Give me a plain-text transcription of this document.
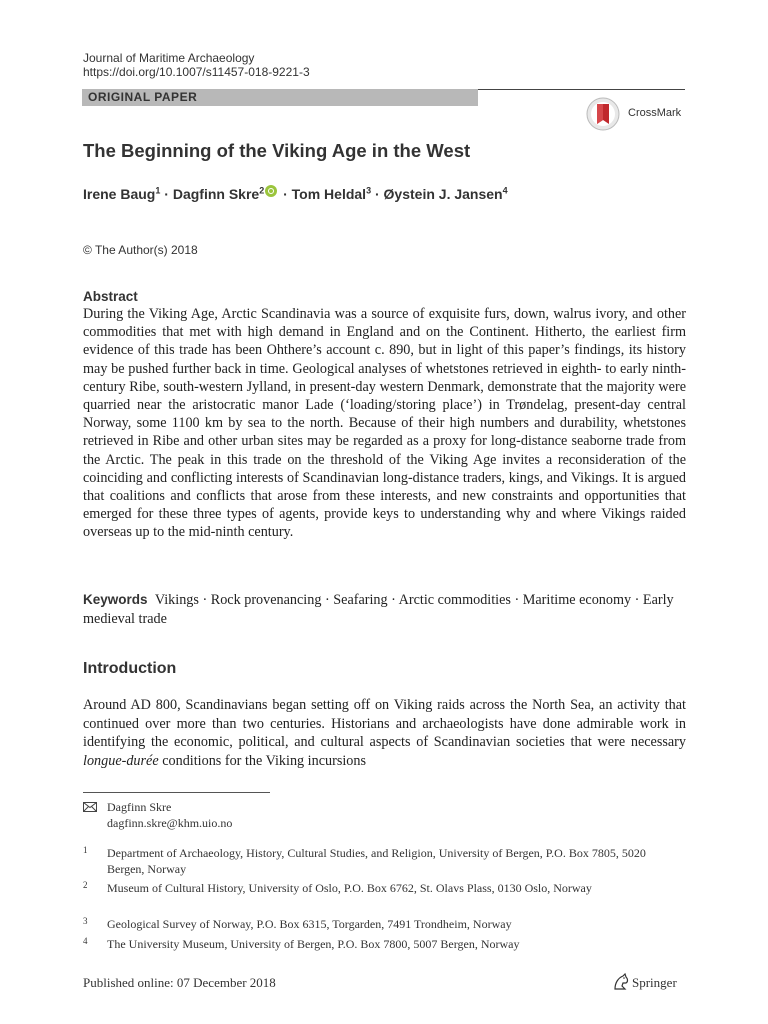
Journal of Maritime Archaeology
https://doi.org/10.1007/s11457-018-9221-3
ORIGINAL PAPER
CrossMark
The Beginning of the Viking Age in the West
Irene Baug$^1$ · Dagfinn Skre$^2$ · Tom Heldal$^3$ · Øystein J. Jansen$^4$
© The Author(s) 2018
Abstract

During the Viking Age, Arctic Scandinavia was a source of exquisite furs, down, walrus ivory, and other commodities that met with high demand in England and on the Continent. Hitherto, the earliest firm evidence of this trade has been Ohthere’s account c. 890, but in light of this paper’s findings, its history may be pushed further back in time. Geological analyses of whetstones retrieved in eighth- to early ninth-century Ribe, south-western Jylland, in present-day western Denmark, demonstrate that the majority were quarried near the aristocratic manor Lade (‘loading/storing place’) in Trøndelag, present-day central Norway, some 1100 km by sea to the north. Because of their high numbers and durability, whetstones retrieved in Ribe and other urban sites may be regarded as a proxy for long-distance seaborne trade from the Arctic. The peak in this trade on the threshold of the Viking Age invites a reconsideration of the coinciding and conflicting interests of Scandinavian long-distance traders, kings, and Vikings. It is argued that coalitions and conflicts that arose from these interests, and new constraints and opportunities that emerged for these three types of agents, provide keys to understanding why and where Vikings raided overseas up to the mid-ninth century.

Keywords Vikings · Rock provenancing · Seafaring · Arctic commodities · Maritime economy · Early medieval trade
Introduction

Around AD 800, Scandinavians began setting off on Viking raids across the North Sea, an activity that continued over more than two centuries. Historians and archaeologists have done admirable work in identifying the economic, political, and cultural aspects of Scandinavian societies that were necessary longue-durée conditions for the Viking incursions

Dagfinn Skre
dagfinn.skre@khm.uio.no
1 Department of Archaeology, History, Cultural Studies, and Religion, University of Bergen, P.O. Box 7805, 5020 Bergen, Norway
2 Museum of Cultural History, University of Oslo, P.O. Box 6762, St. Olavs Plass, 0130 Oslo, Norway
3 Geological Survey of Norway, P.O. Box 6315, Torgarden, 7491 Trondheim, Norway
4 The University Museum, University of Bergen, P.O. Box 7800, 5007 Bergen, Norway
Published online: 07 December 2018	Springer
